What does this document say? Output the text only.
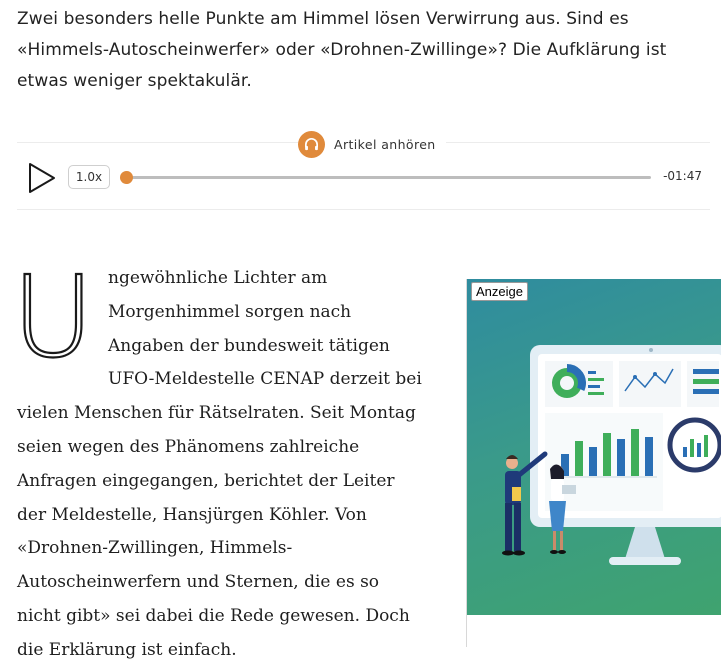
Zwei besonders helle Punkte am Himmel lösen Verwirrung aus. Sind es «Himmels-Autoscheinwerfer» oder «Drohnen-Zwillinge»? Die Aufklärung ist etwas weniger spektakulär.

Artikel anhören
1.0x	-01:47
U ngewöhnliche Lichter am Morgenhimmel sorgen nach Angaben der bundesweit tätigen UFO-Meldestelle CENAP derzeit bei vielen Menschen für Rätselraten. Seit Montag seien wegen des Phänomens zahlreiche Anfragen eingegangen, berichtet der Leiter der Meldestelle, Hansjürgen Köhler. Von «Drohnen-Zwillingen, Himmels-Autoscheinwerfern und Sternen, die es so nicht gibt» sei dabei die Rede gewesen. Doch die Erklärung ist einfach.
Anzeige
